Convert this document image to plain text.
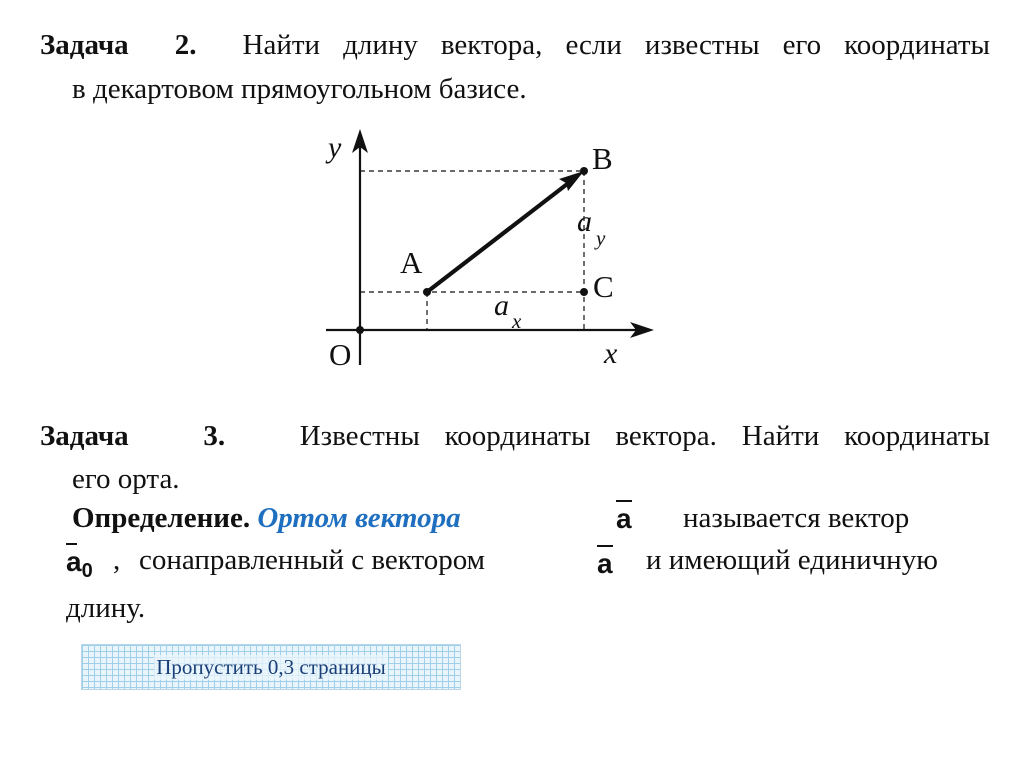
Задача 2. Найти длину вектора, если известны его координаты
в декартовом прямоугольном базисе.
y
x
O
A
B
C
a y
a x
Задача	3.	Известны координаты вектора. Найти координаты
его орта.
Определение. Ортом вектора	a называется вектор
$a_0$ , сонаправленный с вектором	a и имеющий единичную
длину.
Пропустить 0,3 страницы
